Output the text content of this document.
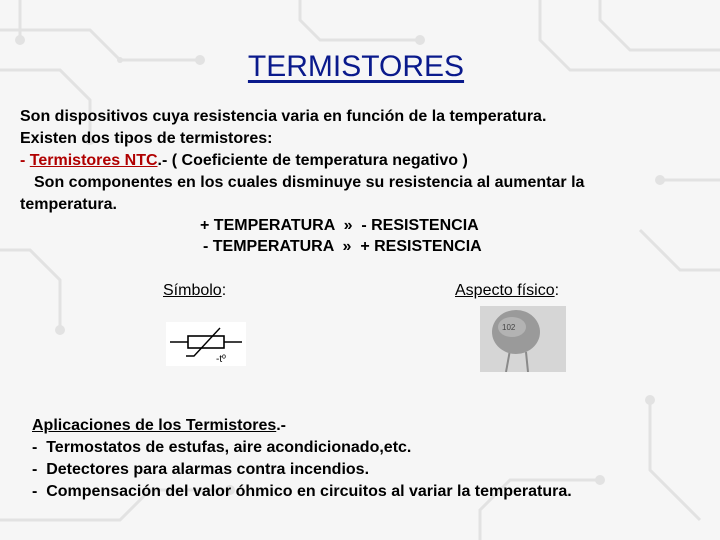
TERMISTORES
Son dispositivos cuya resistencia varia en función de la temperatura.
Existen dos tipos de termistores:
- Termistores NTC.- ( Coeficiente de temperatura negativo )
Son componentes en los cuales disminuye su resistencia al aumentar la
temperatura.
+ TEMPERATURA  »  - RESISTENCIA
- TEMPERATURA  »  + RESISTENCIA
Símbolo:	Aspecto físico:
-tº
102
Aplicaciones de los Termistores.-
-  Termostatos de estufas, aire acondicionado,etc.
-  Detectores para alarmas contra incendios.
-  Compensación del valor óhmico en circuitos al variar la temperatura.
